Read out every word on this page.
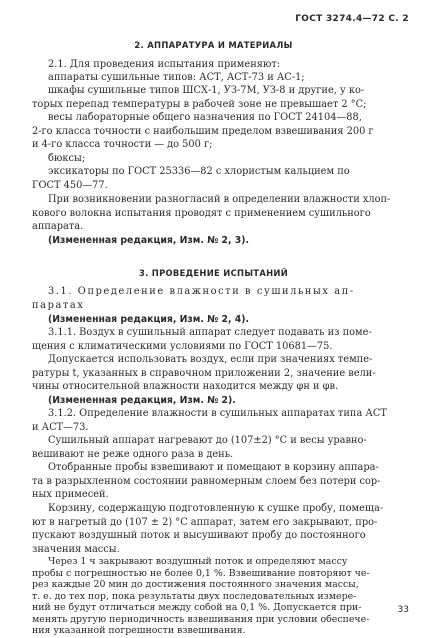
ГОСТ 3274.4—72 С. 2
2. АППАРАТУРА И МАТЕРИАЛЫ
2.1. Для проведения испытания применяют:
аппараты сушильные типов: АСТ, АСТ-73 и АС-1;
шкафы сушильные типов ШСХ-1, УЗ-7М, УЗ-8 и другие, у ко-
торых перепад температуры в рабочей зоне не превышает 2 °С;
весы лабораторные общего назначения по ГОСТ 24104—88,
2-го класса точности с наибольшим пределом взвешивания 200 г
и 4-го класса точности — до 500 г;
бюксы;
эксикаторы по ГОСТ 25336—82 с хлористым кальцием по
ГОСТ 450—77.
При возникновении разногласий в определении влажности хлоп-
кового волокна испытания проводят с применением сушильного
аппарата.
(Измененная редакция, Изм. № 2, 3).
3. ПРОВЕДЕНИЕ ИСПЫТАНИЙ
3.1. Определение влажности в сушильных ап-
паратах
(Измененная редакция, Изм. № 2, 4).
3.1.1. Воздух в сушильный аппарат следует подавать из поме-
щения с климатическими условиями по ГОСТ 10681—75.
Допускается использовать воздух, если при значениях темпе-
ратуры t, указанных в справочном приложении 2, значение вели-
чины относительной влажности находится между φн и φв.
(Измененная редакция, Изм. № 2).
3.1.2. Определение влажности в сушильных аппаратах типа АСТ
и АСТ—73.
Сушильный аппарат нагревают до (107±2) °С и весы уравно-
вешивают не реже одного раза в день.
Отобранные пробы взвешивают и помещают в корзину аппара-
та в разрыхленном состоянии равномерным слоем без потери сор-
ных примесей.
Корзину, содержащую подготовленную к сушке пробу, помеща-
ют в нагретый до (107 ± 2) °С аппарат, затем его закрывают, про-
пускают воздушный поток и высушивают пробу до постоянного
значения массы.
Через 1 ч закрывают воздушный поток и определяют массу
пробы с погрешностью не более 0,1 %. Взвешивание повторяют че-
рез каждые 20 мин до достижения постоянного значения массы,
т. е. до тех пор, пока результаты двух последовательных измере-
ний не будут отличаться между собой на 0,1 %. Допускается при-
менять другую периодичность взвешивания при условии обеспече-
ния указанной погрешности взвешивания.
33
